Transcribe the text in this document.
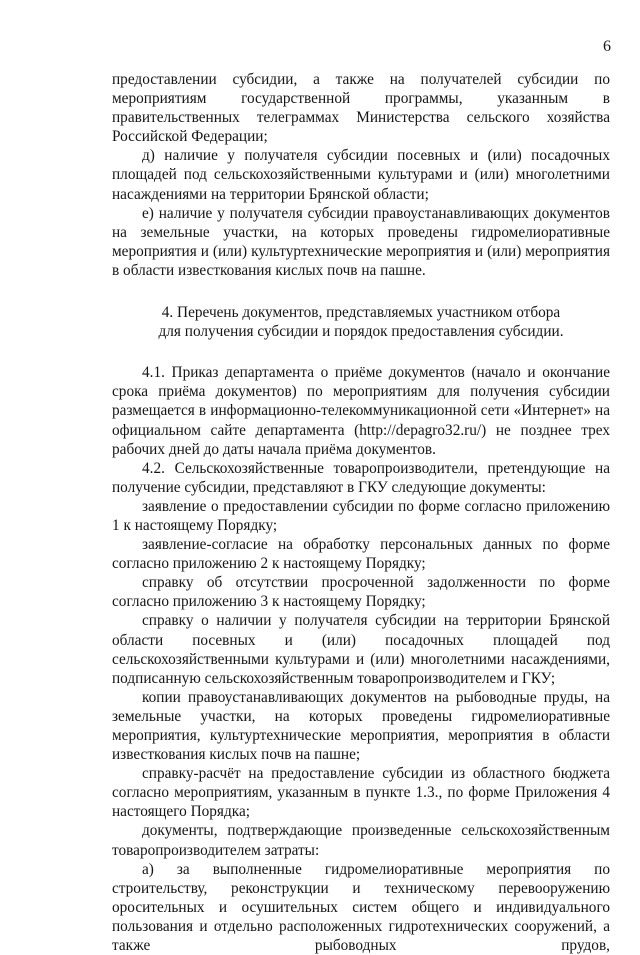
6

предоставлении субсидии, а также на получателей субсидии по мероприятиям государственной программы, указанным в правительственных телеграммах Министерства сельского хозяйства Российской Федерации;

д) наличие у получателя субсидии посевных и (или) посадочных площадей под сельскохозяйственными культурами и (или) многолетними насаждениями на территории Брянской области;

е) наличие у получателя субсидии правоустанавливающих документов на земельные участки, на которых проведены гидромелиоративные мероприятия и (или) культуртехнические мероприятия и (или) мероприятия в области известкования кислых почв на пашне.

4. Перечень документов, представляемых участником отбора
для получения субсидии и порядок предоставления субсидии.

4.1. Приказ департамента о приёме документов (начало и окончание срока приёма документов) по мероприятиям для получения субсидии размещается в информационно-телекоммуникационной сети «Интернет» на официальном сайте департамента (http://depagro32.ru/) не позднее трех рабочих дней до даты начала приёма документов.

4.2. Сельскохозяйственные товаропроизводители, претендующие на получение субсидии, представляют в ГКУ следующие документы:

заявление о предоставлении субсидии по форме согласно приложению 1 к настоящему Порядку;

заявление-согласие на обработку персональных данных по форме согласно приложению 2 к настоящему Порядку;

справку об отсутствии просроченной задолженности по форме согласно приложению 3 к настоящему Порядку;

справку о наличии у получателя субсидии на территории Брянской области посевных и (или) посадочных площадей под сельскохозяйственными культурами и (или) многолетними насаждениями, подписанную сельскохозяйственным товаропроизводителем и ГКУ;

копии правоустанавливающих документов на рыбоводные пруды, на земельные участки, на которых проведены гидромелиоративные мероприятия, культуртехнические мероприятия, мероприятия в области известкования кислых почв на пашне;

справку-расчёт на предоставление субсидии из областного бюджета согласно мероприятиям, указанным в пункте 1.3., по форме Приложения 4 настоящего Порядка;

документы, подтверждающие произведенные сельскохозяйственным товаропроизводителем затраты:

а) за выполненные гидромелиоративные мероприятия по строительству, реконструкции и техническому перевооружению оросительных и осушительных систем общего и индивидуального пользования и отдельно расположенных гидротехнических сооружений, а также рыбоводных прудов,
